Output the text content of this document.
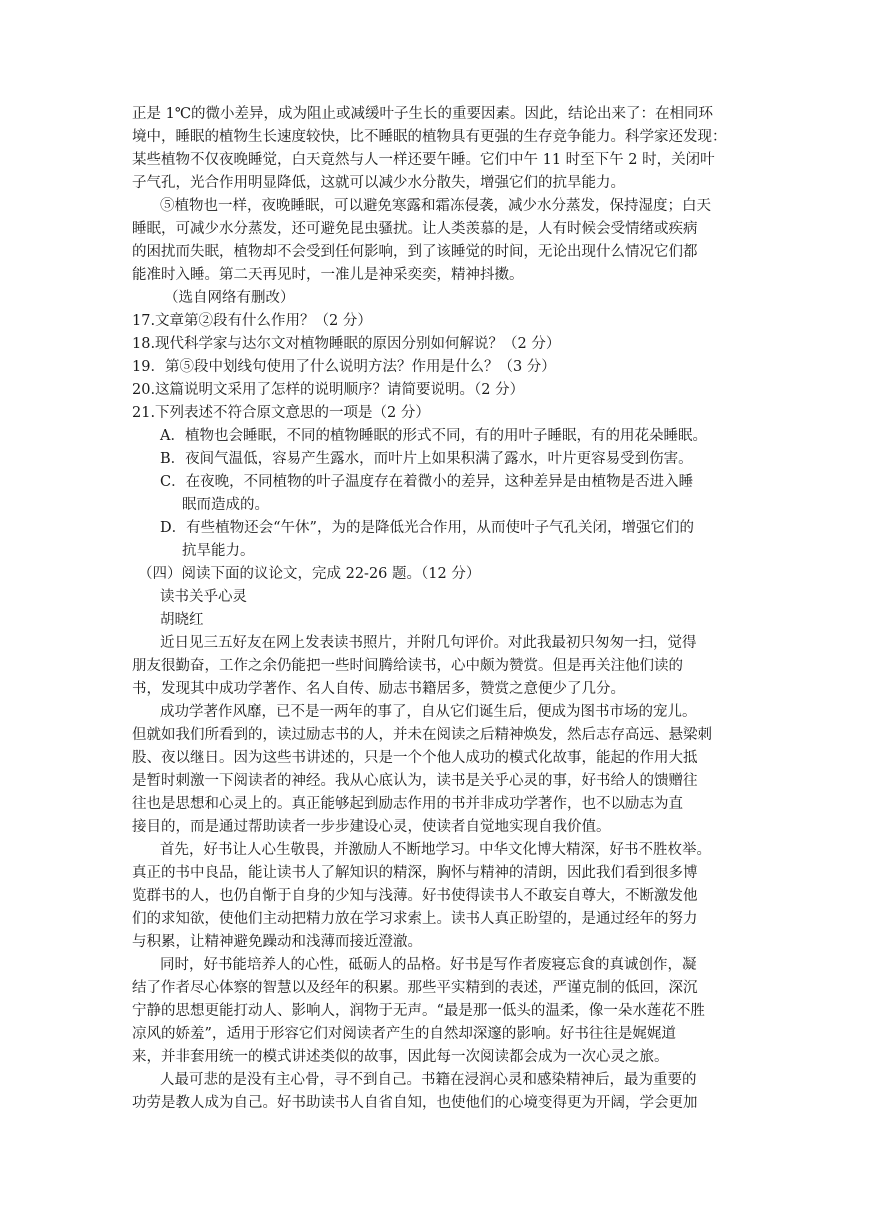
正是 1℃的微小差异，成为阻止或减缓叶子生长的重要因素。因此，结论出来了：在相同环
境中，睡眠的植物生长速度较快，比不睡眠的植物具有更强的生存竞争能力。科学家还发现：
某些植物不仅夜晚睡觉，白天竟然与人一样还要午睡。它们中午 11 时至下午 2 时，关闭叶
子气孔，光合作用明显降低，这就可以减少水分散失，增强它们的抗旱能力。
⑤植物也一样，夜晚睡眠，可以避免寒露和霜冻侵袭，减少水分蒸发，保持湿度；白天
睡眠，可减少水分蒸发，还可避免昆虫骚扰。让人类羡慕的是，人有时候会受情绪或疾病
的困扰而失眠，植物却不会受到任何影响，到了该睡觉的时间，无论出现什么情况它们都
能准时入睡。第二天再见时，一准儿是神采奕奕，精神抖擞。
（选自网络有删改）
17.文章第②段有什么作用？（2 分）
18.现代科学家与达尔文对植物睡眠的原因分别如何解说？（2 分）
19．第⑤段中划线句使用了什么说明方法？作用是什么？（3 分）
20.这篇说明文采用了怎样的说明顺序？请简要说明。（2 分）
21.下列表述不符合原文意思的一项是（2 分）
A．植物也会睡眠，不同的植物睡眠的形式不同，有的用叶子睡眠，有的用花朵睡眠。
B．夜间气温低，容易产生露水，而叶片上如果积满了露水，叶片更容易受到伤害。
C．在夜晚，不同植物的叶子温度存在着微小的差异，这种差异是由植物是否进入睡
眠而造成的。
D．有些植物还会“午休”，为的是降低光合作用，从而使叶子气孔关闭，增强它们的
抗旱能力。
（四）阅读下面的议论文，完成 22-26 题。（12 分）
读书关乎心灵
胡晓红
近日见三五好友在网上发表读书照片，并附几句评价。对此我最初只匆匆一扫，觉得
朋友很勤奋，工作之余仍能把一些时间腾给读书，心中颇为赞赏。但是再关注他们读的
书，发现其中成功学著作、名人自传、励志书籍居多，赞赏之意便少了几分。
成功学著作风靡，已不是一两年的事了，自从它们诞生后，便成为图书市场的宠儿。
但就如我们所看到的，读过励志书的人，并未在阅读之后精神焕发，然后志存高远、悬梁刺
股、夜以继日。因为这些书讲述的，只是一个个他人成功的模式化故事，能起的作用大抵
是暂时刺激一下阅读者的神经。我从心底认为，读书是关乎心灵的事，好书给人的馈赠往
往也是思想和心灵上的。真正能够起到励志作用的书并非成功学著作，也不以励志为直
接目的，而是通过帮助读者一步步建设心灵，使读者自觉地实现自我价值。
首先，好书让人心生敬畏，并激励人不断地学习。中华文化博大精深，好书不胜枚举。
真正的书中良品，能让读书人了解知识的精深，胸怀与精神的清朗，因此我们看到很多博
览群书的人，也仍自惭于自身的少知与浅薄。好书使得读书人不敢妄自尊大，不断激发他
们的求知欲，使他们主动把精力放在学习求索上。读书人真正盼望的，是通过经年的努力
与积累，让精神避免躁动和浅薄而接近澄澈。
同时，好书能培养人的心性，砥砺人的品格。好书是写作者废寝忘食的真诚创作，凝
结了作者尽心体察的智慧以及经年的积累。那些平实精到的表述，严谨克制的低回，深沉
宁静的思想更能打动人、影响人，润物于无声。“最是那一低头的温柔，像一朵水莲花不胜
凉风的娇羞”，适用于形容它们对阅读者产生的自然却深邃的影响。好书往往是娓娓道
来，并非套用统一的模式讲述类似的故事，因此每一次阅读都会成为一次心灵之旅。
人最可悲的是没有主心骨，寻不到自己。书籍在浸润心灵和感染精神后，最为重要的
功劳是教人成为自己。好书助读书人自省自知，也使他们的心境变得更为开阔，学会更加
